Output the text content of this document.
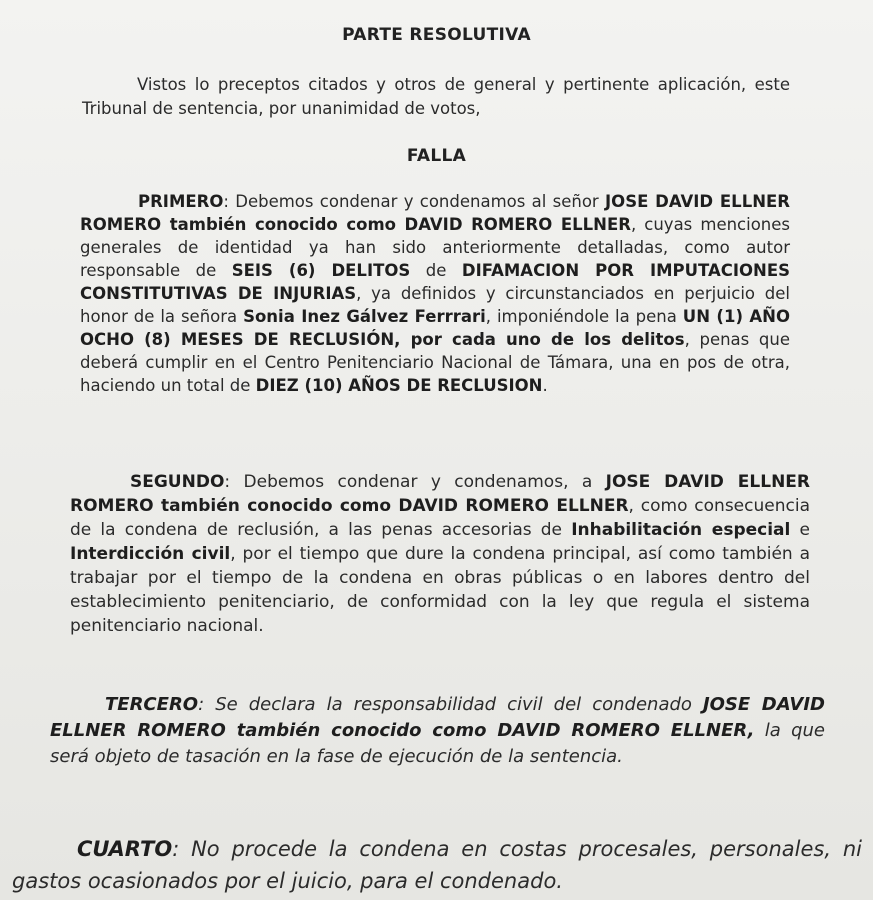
PARTE RESOLUTIVA

Vistos lo preceptos citados y otros de general y pertinente aplicación, este Tribunal de sentencia, por unanimidad de votos,

FALLA

PRIMERO: Debemos condenar y condenamos al señor JOSE DAVID ELLNER ROMERO también conocido como DAVID ROMERO ELLNER, cuyas menciones generales de identidad ya han sido anteriormente detalladas, como autor responsable de SEIS (6) DELITOS de DIFAMACION POR IMPUTACIONES CONSTITUTIVAS DE INJURIAS, ya definidos y circunstanciados en perjuicio del honor de la señora Sonia Inez Gálvez Ferrrari, imponiéndole la pena UN (1) AÑO OCHO (8) MESES DE RECLUSIÓN, por cada uno de los delitos, penas que deberá cumplir en el Centro Penitenciario Nacional de Támara, una en pos de otra, haciendo un total de DIEZ (10) AÑOS DE RECLUSION.

SEGUNDO: Debemos condenar y condenamos, a JOSE DAVID ELLNER ROMERO también conocido como DAVID ROMERO ELLNER, como consecuencia de la condena de reclusión, a las penas accesorias de Inhabilitación especial e Interdicción civil, por el tiempo que dure la condena principal, así como también a trabajar por el tiempo de la condena en obras públicas o en labores dentro del establecimiento penitenciario, de conformidad con la ley que regula el sistema penitenciario nacional.

TERCERO: Se declara la responsabilidad civil del condenado JOSE DAVID ELLNER ROMERO también conocido como DAVID ROMERO ELLNER, la que será objeto de tasación en la fase de ejecución de la sentencia.

CUARTO: No procede la condena en costas procesales, personales, ni gastos ocasionados por el juicio, para el condenado.
